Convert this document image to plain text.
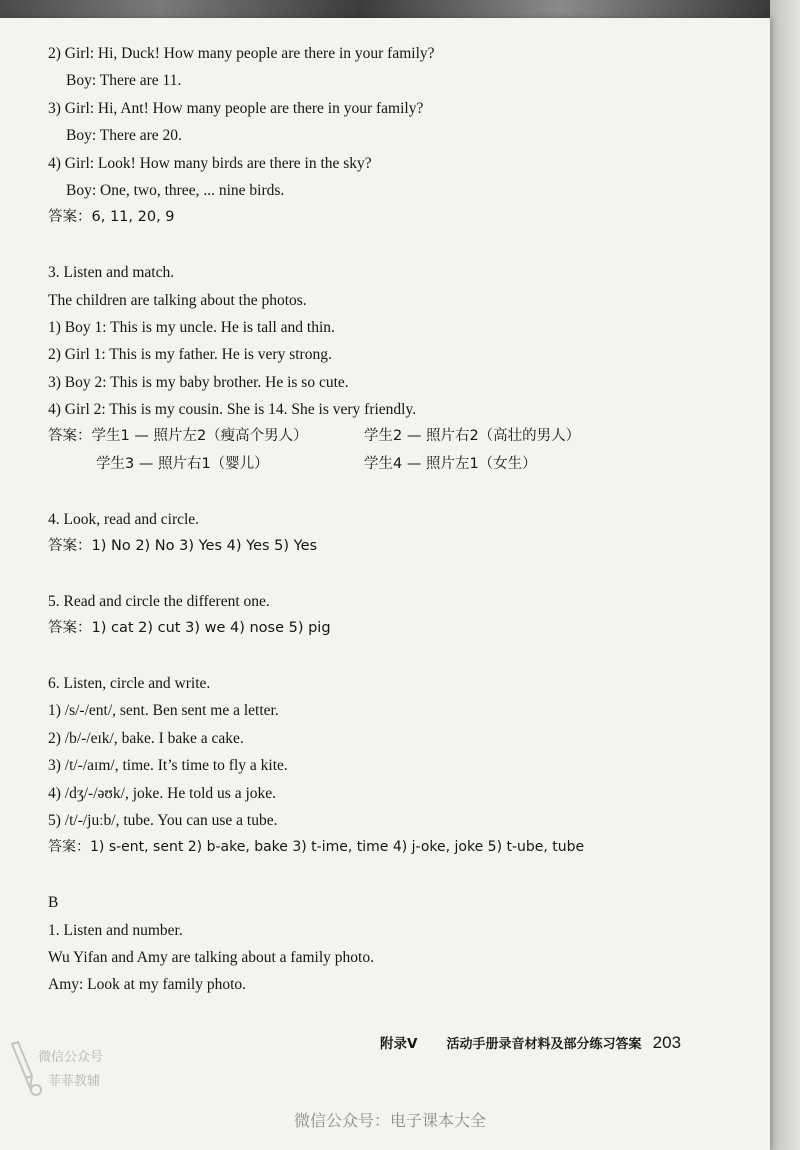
2) Girl: Hi, Duck! How many people are there in your family?
Boy: There are 11.
3) Girl: Hi, Ant! How many people are there in your family?
Boy: There are 20.
4) Girl: Look! How many birds are there in the sky?
Boy: One, two, three, ... nine birds.
答案：6, 11, 20, 9
3. Listen and match.
The children are talking about the photos.
1) Boy 1: This is my uncle. He is tall and thin.
2) Girl 1: This is my father. He is very strong.
3) Boy 2: This is my baby brother. He is so cute.
4) Girl 2: This is my cousin. She is 14. She is very friendly.
答案：学生1 — 照片左2（瘦高个男人）	学生2 — 照片右2（高壮的男人）
学生3 — 照片右1（婴儿）	学生4 — 照片左1（女生）
4. Look, read and circle.
答案：1) No 2) No 3) Yes 4) Yes 5) Yes
5. Read and circle the different one.
答案：1) cat 2) cut 3) we 4) nose 5) pig
6. Listen, circle and write.
1) /s/-/ent/, sent. Ben sent me a letter.
2) /b/-/eɪk/, bake. I bake a cake.
3) /t/-/aɪm/, time. It’s time to fly a kite.
4) /dʒ/-/əʊk/, joke. He told us a joke.
5) /t/-/juːb/, tube. You can use a tube.
答案：1) s-ent, sent 2) b-ake, bake 3) t-ime, time 4) j-oke, joke 5) t-ube, tube
B
1. Listen and number.
Wu Yifan and Amy are talking about a family photo.
Amy: Look at my family photo.
附录V 活动手册录音材料及部分练习答案 203
微信公众号
菲菲教辅
微信公众号：电子课本大全
